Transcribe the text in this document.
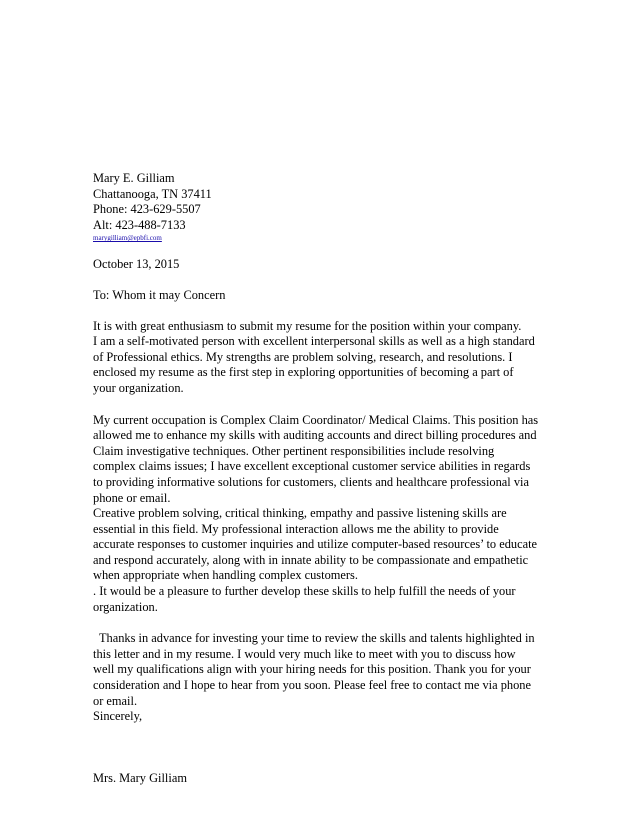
Mary E. Gilliam
Chattanooga, TN 37411
Phone: 423-629-5507
Alt: 423-488-7133
marygilliam@epbfi.com
October 13, 2015
To: Whom it may Concern
It is with great enthusiasm to submit my resume for the position within your company.
I am a self-motivated person with excellent interpersonal skills as well as a high standard
of Professional ethics. My strengths are problem solving, research, and resolutions. I
enclosed my resume as the first step in exploring opportunities of becoming a part of
your organization.
My current occupation is Complex Claim Coordinator/ Medical Claims. This position has
allowed me to enhance my skills with auditing accounts and direct billing procedures and
Claim investigative techniques. Other pertinent responsibilities include resolving
complex claims issues; I have excellent exceptional customer service abilities in regards
to providing informative solutions for customers, clients and healthcare professional via
phone or email.
Creative problem solving, critical thinking, empathy and passive listening skills are
essential in this field. My professional interaction allows me the ability to provide
accurate responses to customer inquiries and utilize computer-based resources’ to educate
and respond accurately, along with in innate ability to be compassionate and empathetic
when appropriate when handling complex customers.
. It would be a pleasure to further develop these skills to help fulfill the needs of your
organization.
Thanks in advance for investing your time to review the skills and talents highlighted in
this letter and in my resume. I would very much like to meet with you to discuss how
well my qualifications align with your hiring needs for this position. Thank you for your
consideration and I hope to hear from you soon. Please feel free to contact me via phone
or email.
Sincerely,
Mrs. Mary Gilliam
